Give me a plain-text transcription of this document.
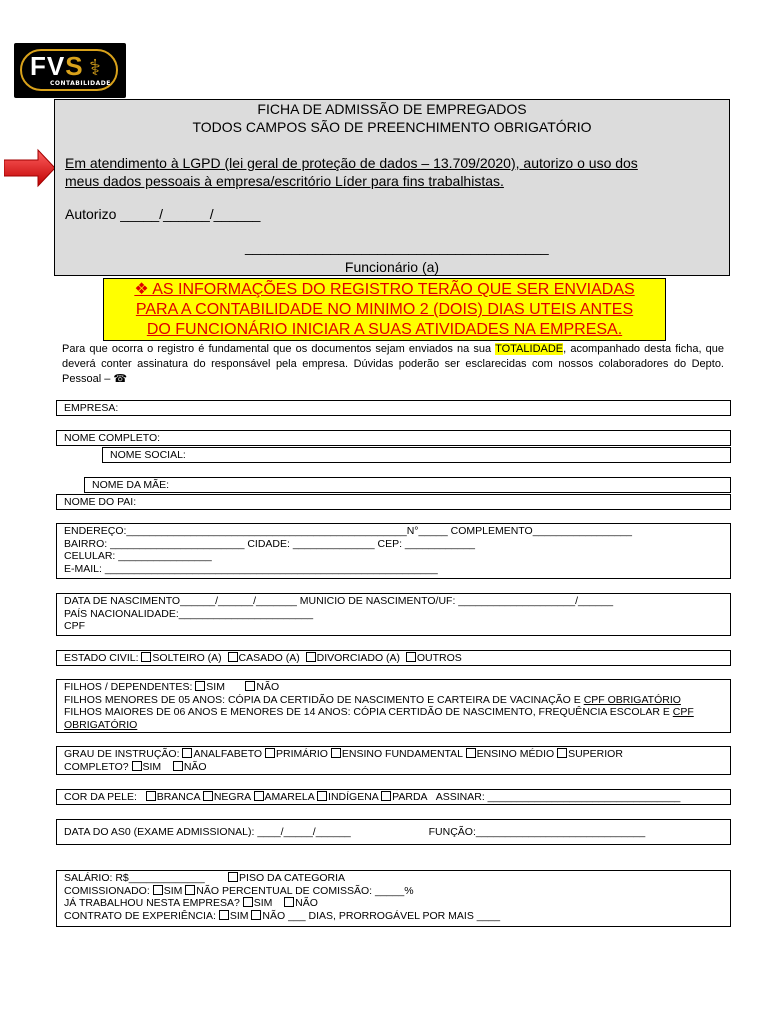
FVS ⚕
CONTABILIDADE
FICHA DE ADMISSÃO DE EMPREGADOS
TODOS CAMPOS SÃO DE PREENCHIMENTO OBRIGATÓRIO
Em atendimento à LGPD (lei geral de proteção de dados – 13.709/2020), autorizo o uso dos
meus dados pessoais à empresa/escritório Líder para fins trabalhistas.
Autorizo _____/______/______
_______________________________________
Funcionário (a)
❖ AS INFORMAÇÕES DO REGISTRO TERÃO QUE SER ENVIADAS
PARA A CONTABILIDADE NO MINIMO 2 (DOIS) DIAS UTEIS ANTES
DO FUNCIONÁRIO INICIAR A SUAS ATIVIDADES NA EMPRESA.
Para que ocorra o registro é fundamental que os documentos sejam enviados na sua TOTALIDADE, acompanhado desta ficha, que deverá conter assinatura do responsável pela empresa. Dúvidas poderão ser esclarecidas com nossos colaboradores do Depto. Pessoal – ☎
EMPRESA:
NOME COMPLETO:
NOME SOCIAL:
NOME DA MÃE:
NOME DO PAI:
ENDEREÇO:________________________________________________N°_____ COMPLEMENTO_________________
BAIRRO: _______________________ CIDADE: ______________ CEP: ____________
CELULAR: ________________
E-MAIL: _________________________________________________________
DATA DE NASCIMENTO______/______/_______ MUNICIO DE NASCIMENTO/UF: ____________________/______
PAÍS NACIONALIDADE:_______________________
CPF
ESTADO CIVIL: SOLTEIRO (A) CASADO (A) DIVORCIADO (A) OUTROS
FILHOS / DEPENDENTES: SIM	NÃO
FILHOS MENORES DE 05 ANOS: CÓPIA DA CERTIDÃO DE NASCIMENTO E CARTEIRA DE VACINAÇÃO E CPF OBRIGATÓRIO
FILHOS MAIORES DE 06 ANOS E MENORES DE 14 ANOS: CÓPIA CERTIDÃO DE NASCIMENTO, FREQUÊNCIA ESCOLAR E CPF
OBRIGATÓRIO
GRAU DE INSTRUÇÃO: ANALFABETO PRIMÁRIO ENSINO FUNDAMENTAL ENSINO MÉDIO SUPERIOR
COMPLETO? SIM NÃO
COR DA PELE: BRANCA NEGRA AMARELA INDÍGENA PARDA ASSINAR: _________________________________
DATA DO AS0 (EXAME ADMISSIONAL): ____/_____/______	FUNÇÃO:_____________________________
SALÁRIO: R$_____________	PISO DA CATEGORIA
COMISSIONADO: SIM NÃO PERCENTUAL DE COMISSÃO: _____%
JÁ TRABALHOU NESTA EMPRESA? SIM NÃO
CONTRATO DE EXPERIÊNCIA: SIM NÃO ___ DIAS, PRORROGÁVEL POR MAIS ____
